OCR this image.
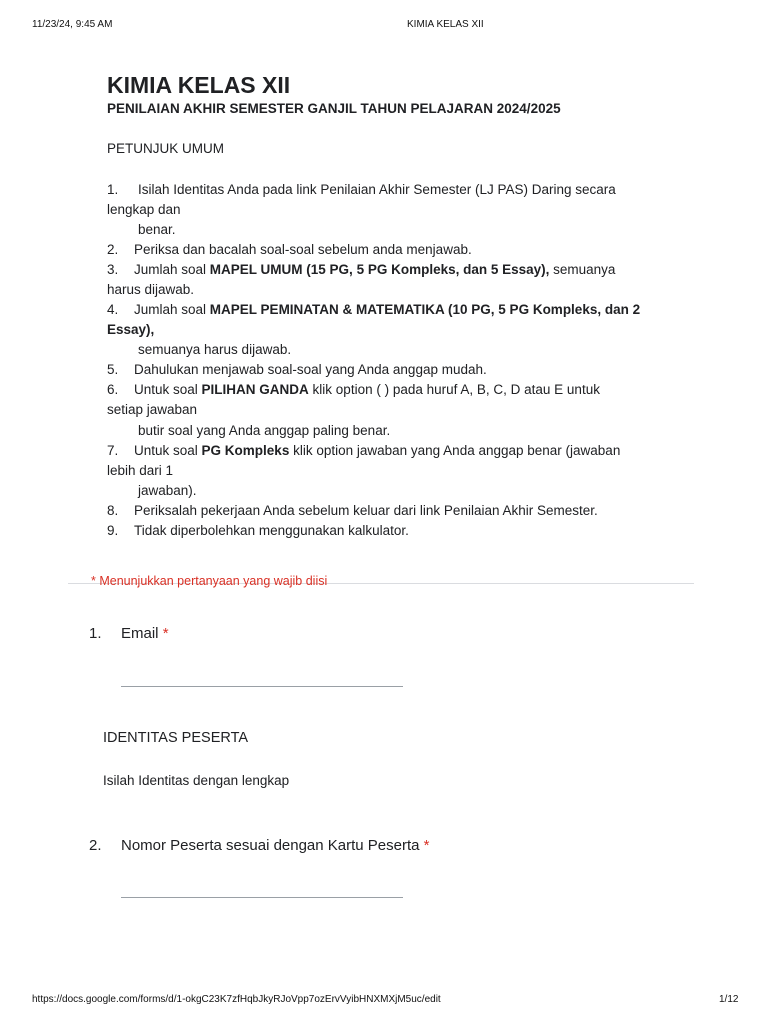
11/23/24, 9:45 AM	KIMIA KELAS XII
KIMIA KELAS XII
PENILAIAN AKHIR SEMESTER GANJIL TAHUN PELAJARAN 2024/2025
PETUNJUK UMUM
1. Isilah Identitas Anda pada link Penilaian Akhir Semester (LJ PAS) Daring secara
lengkap dan
benar.
2. Periksa dan bacalah soal-soal sebelum anda menjawab.
3. Jumlah soal MAPEL UMUM (15 PG, 5 PG Kompleks, dan 5 Essay), semuanya
harus dijawab.
4. Jumlah soal MAPEL PEMINATAN & MATEMATIKA (10 PG, 5 PG Kompleks, dan 2
Essay),
semuanya harus dijawab.
5. Dahulukan menjawab soal-soal yang Anda anggap mudah.
6. Untuk soal PILIHAN GANDA klik option ( ) pada huruf A, B, C, D atau E untuk
setiap jawaban
butir soal yang Anda anggap paling benar.
7. Untuk soal PG Kompleks klik option jawaban yang Anda anggap benar (jawaban
lebih dari 1
jawaban).
8. Periksalah pekerjaan Anda sebelum keluar dari link Penilaian Akhir Semester.
9. Tidak diperbolehkan menggunakan kalkulator.
* Menunjukkan pertanyaan yang wajib diisi
1. Email *
IDENTITAS PESERTA
Isilah Identitas dengan lengkap
2. Nomor Peserta sesuai dengan Kartu Peserta *
https://docs.google.com/forms/d/1-okgC23K7zfHqbJkyRJoVpp7ozErvVyibHNXMXjM5uc/edit	1/12
